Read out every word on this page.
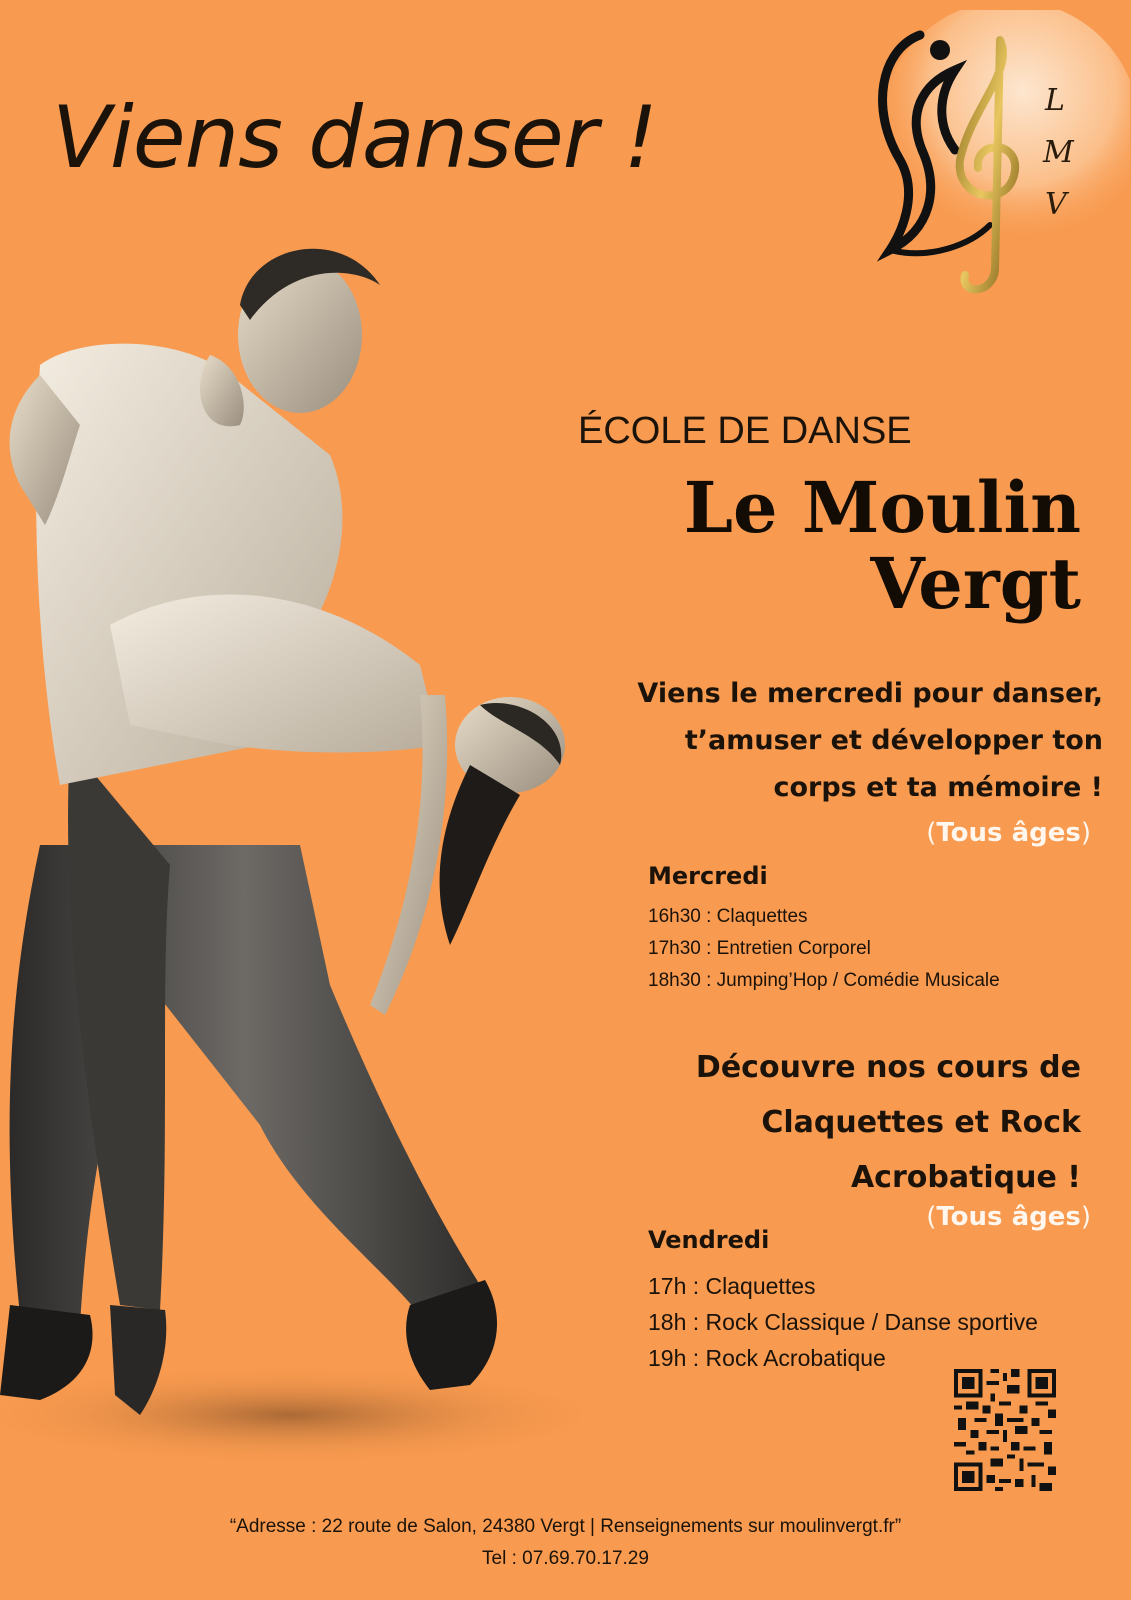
Viens danser !	L
M
V
ÉCOLE DE DANSE
Le Moulin
Vergt
Viens le mercredi pour danser,
t’amuser et développer ton
corps et ta mémoire !
(Tous âges)
Mercredi
16h30 : Claquettes
17h30 : Entretien Corporel
18h30 : Jumping’Hop / Comédie Musicale
Découvre nos cours de
Claquettes et Rock
Acrobatique !
(Tous âges)
Vendredi
17h : Claquettes
18h : Rock Classique / Danse sportive
19h : Rock Acrobatique
“Adresse : 22 route de Salon, 24380 Vergt | Renseignements sur moulinvergt.fr”
Tel : 07.69.70.17.29
